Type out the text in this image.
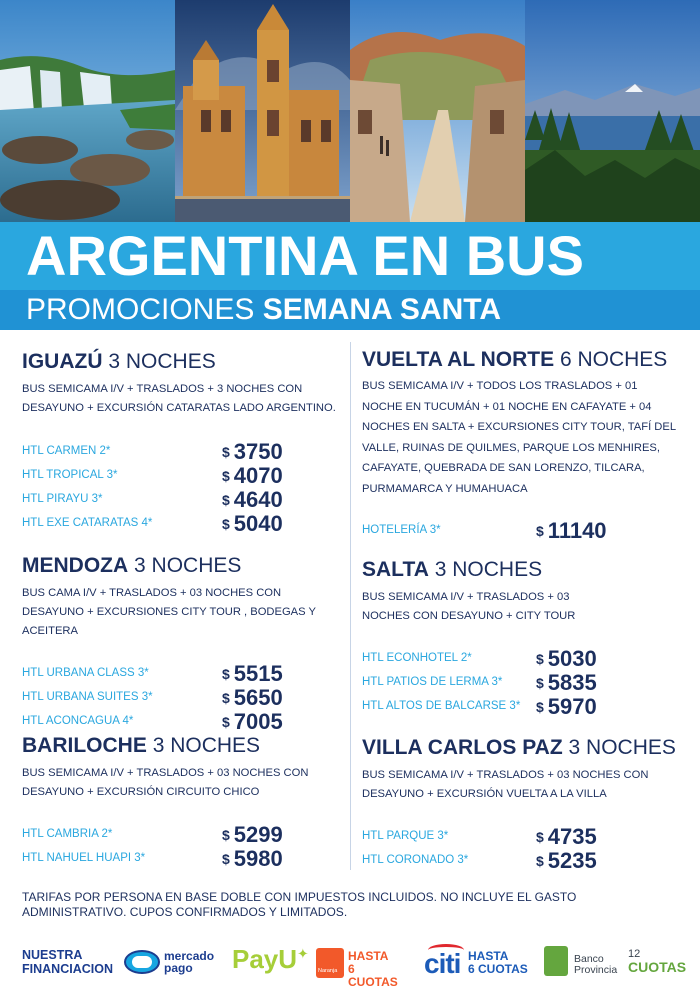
ARGENTINA EN BUS
PROMOCIONES SEMANA SANTA
IGUAZÚ 3 NOCHES
BUS SEMICAMA I/V + TRASLADOS + 3 NOCHES CON DESAYUNO + EXCURSIÓN CATARATAS LADO ARGENTINO.
HTL CARMEN 2*	$ 3750
HTL TROPICAL 3*	$ 4070
HTL PIRAYU 3*	$ 4640
HTL EXE CATARATAS 4*	$ 5040
MENDOZA 3 NOCHES
BUS CAMA I/V + TRASLADOS + 03 NOCHES CON DESAYUNO + EXCURSIONES CITY TOUR , BODEGAS Y ACEITERA
HTL URBANA CLASS 3*	$ 5515
HTL URBANA SUITES 3*	$ 5650
HTL ACONCAGUA 4*	$ 7005
BARILOCHE 3 NOCHES
BUS SEMICAMA I/V + TRASLADOS + 03 NOCHES CON DESAYUNO + EXCURSIÓN CIRCUITO CHICO
HTL CAMBRIA 2*	$ 5299
HTL NAHUEL HUAPI 3*	$ 5980
VUELTA AL NORTE 6 NOCHES
BUS SEMICAMA I/V + TODOS LOS TRASLADOS + 01 NOCHE EN TUCUMÁN + 01 NOCHE EN CAFAYATE + 04 NOCHES EN SALTA + EXCURSIONES CITY TOUR, TAFÍ DEL VALLE, RUINAS DE QUILMES, PARQUE LOS MENHIRES, CAFAYATE, QUEBRADA DE SAN LORENZO, TILCARA, PURMAMARCA Y HUMAHUACA
HOTELERÍA 3*	$ 11140
SALTA 3 NOCHES
BUS SEMICAMA I/V + TRASLADOS + 03 NOCHES CON DESAYUNO + CITY TOUR
HTL ECONHOTEL 2*	$ 5030
HTL PATIOS DE LERMA 3* $ 5835
HTL ALTOS DE BALCARSE 3* $ 5970
VILLA CARLOS PAZ 3 NOCHES
BUS SEMICAMA I/V + TRASLADOS + 03 NOCHES CON DESAYUNO + EXCURSIÓN VUELTA A LA VILLA
HTL PARQUE 3*	$ 4735
HTL CORONADO 3*	$ 5235
TARIFAS POR PERSONA EN BASE DOBLE CON IMPUESTOS INCLUIDOS. NO INCLUYE EL GASTO ADMINISTRATIVO. CUPOS CONFIRMADOS Y LIMITADOS.
NUESTRA
FINANCIACION
mercado
pago	PayU✦
Naranja
HASTA
6 CUOTAS
citi HASTA
6 CUOTAS
Banco
Provincia
12
CUOTAS
